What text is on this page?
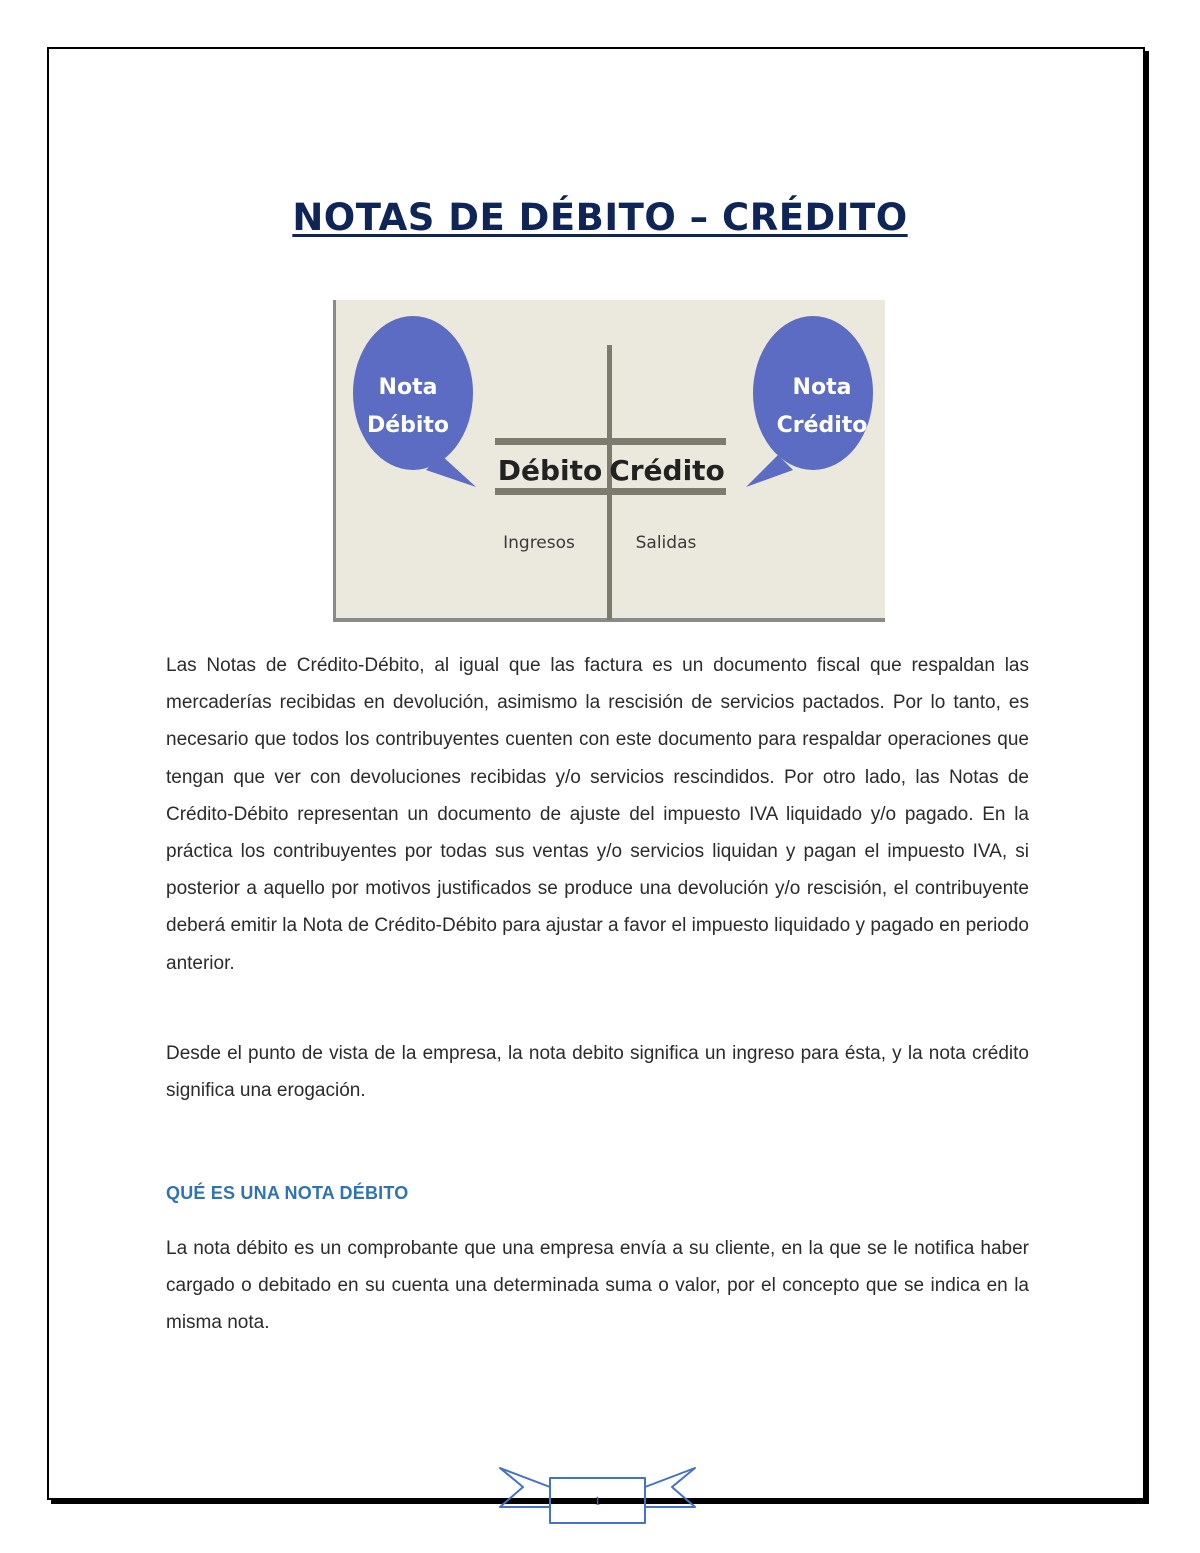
NOTAS DE DÉBITO – CRÉDITO
Nota
Débito
Nota
Crédito
Débito Crédito
Ingresos	Salidas

Las Notas de Crédito-Débito, al igual que las factura es un documento fiscal que respaldan las mercaderías recibidas en devolución, asimismo la rescisión de servicios pactados. Por lo tanto, es necesario que todos los contribuyentes cuenten con este documento para respaldar operaciones que tengan que ver con devoluciones recibidas y/o servicios rescindidos. Por otro lado, las Notas de Crédito-Débito representan un documento de ajuste del impuesto IVA liquidado y/o pagado. En la práctica los contribuyentes por todas sus ventas y/o servicios liquidan y pagan el impuesto IVA, si posterior a aquello por motivos justificados se produce una devolución y/o rescisión, el contribuyente deberá emitir la Nota de Crédito-Débito para ajustar a favor el impuesto liquidado y pagado en periodo anterior.

Desde el punto de vista de la empresa, la nota debito significa un ingreso para ésta, y la nota crédito significa una erogación.

QUÉ ES UNA NOTA DÉBITO

La nota débito es un comprobante que una empresa envía a su cliente, en la que se le notifica haber cargado o debitado en su cuenta una determinada suma o valor, por el concepto que se indica en la misma nota.

1
